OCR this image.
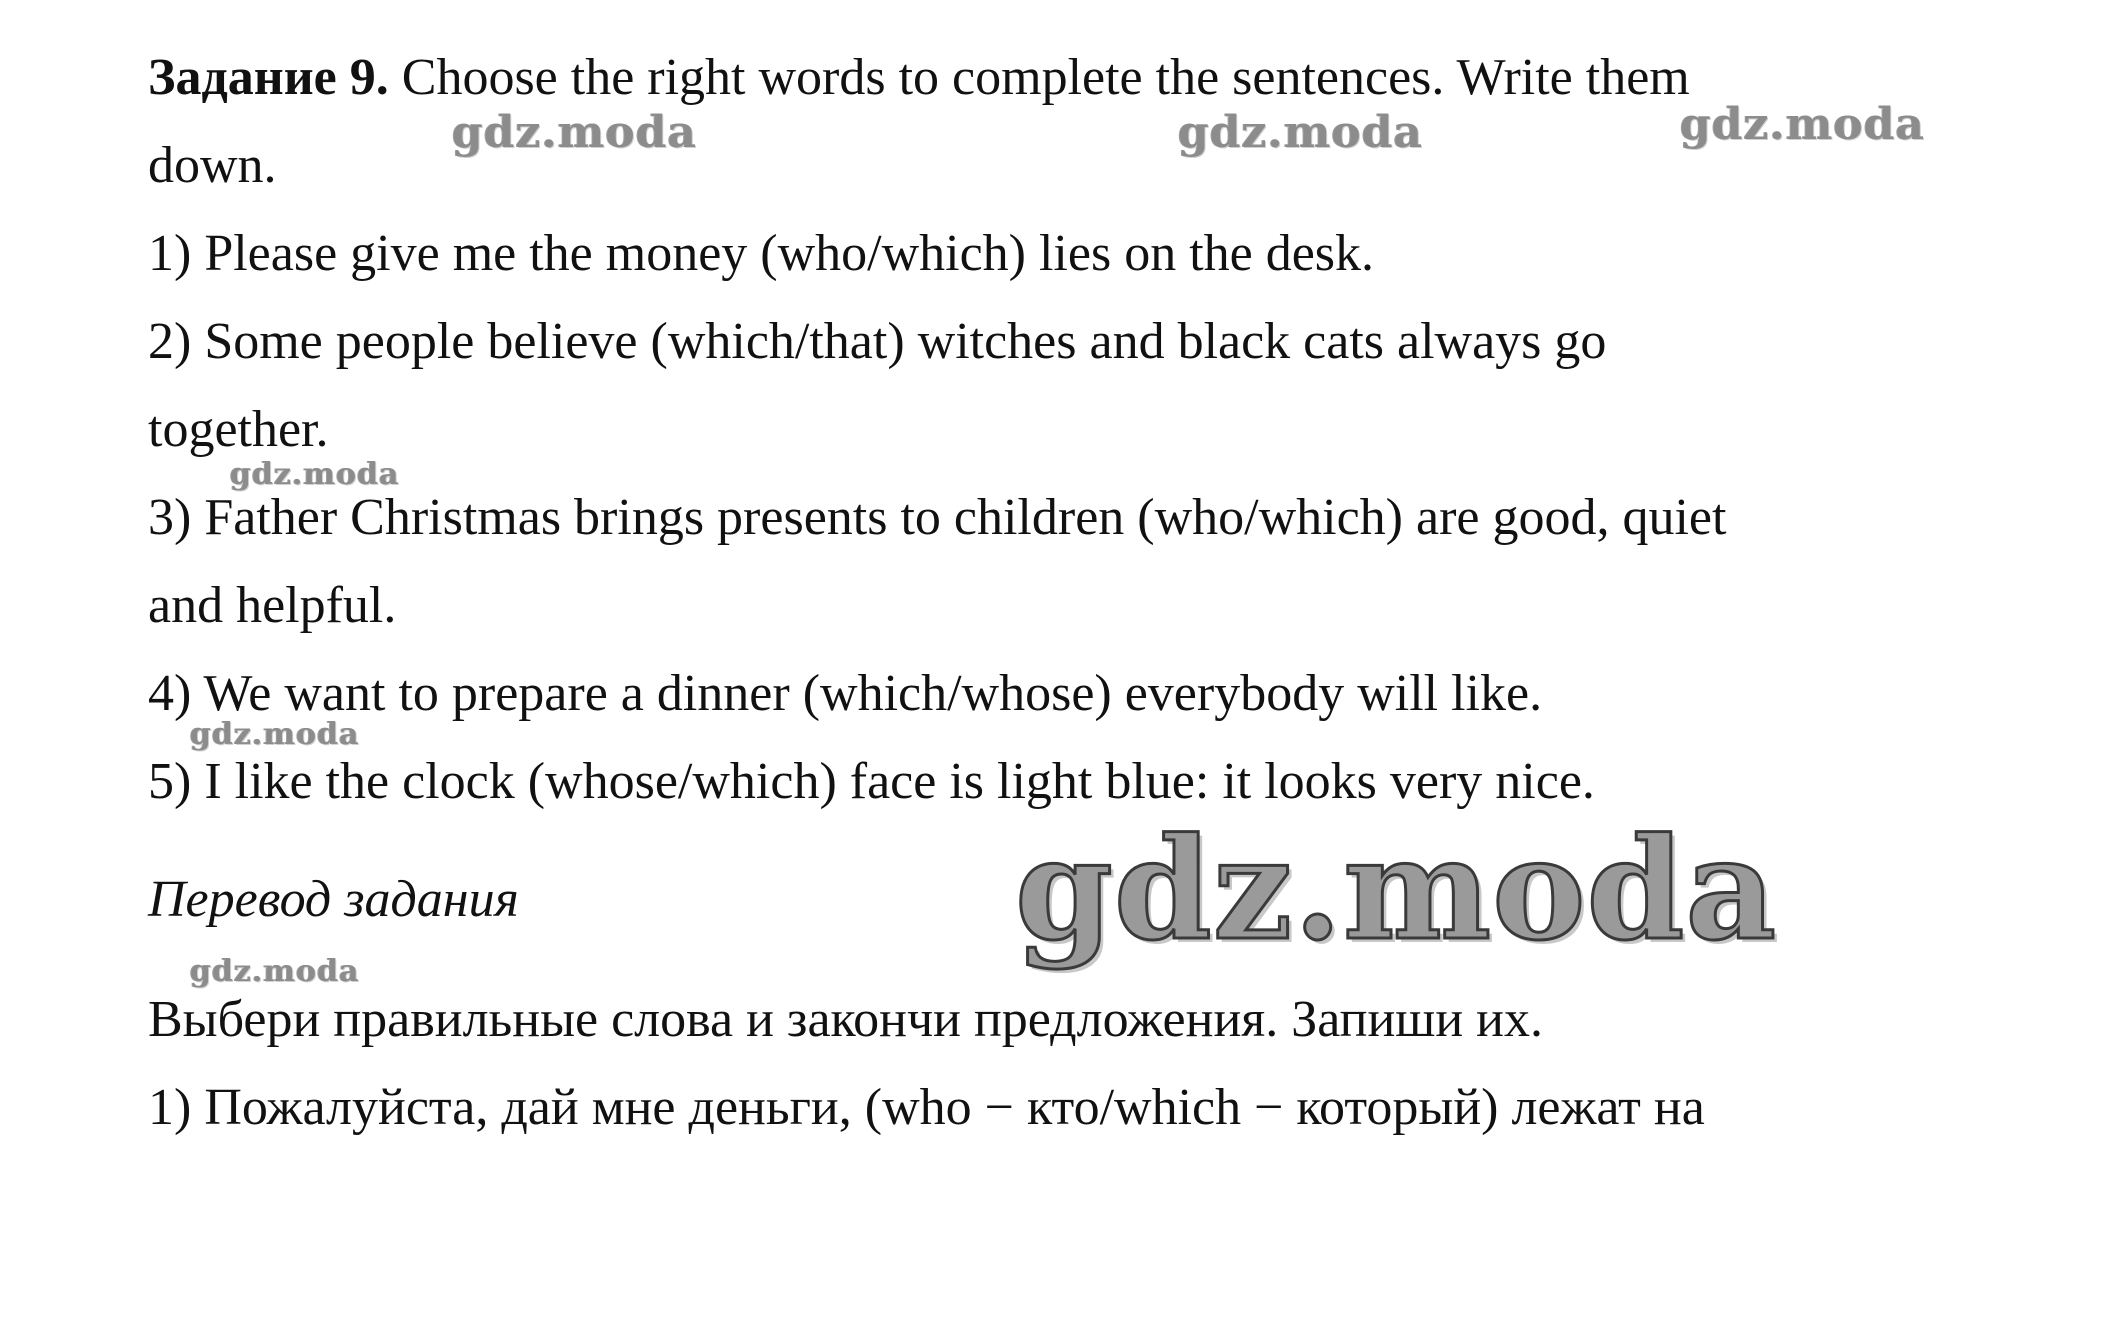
Задание 9. Choose the right words to complete the sentences. Write them
down.
1) Please give me the money (who/which) lies on the desk.
2) Some people believe (which/that) witches and black cats always go
together.
3) Father Christmas brings presents to children (who/which) are good, quiet
and helpful.
4) We want to prepare a dinner (which/whose) everybody will like.
5) I like the clock (whose/which) face is light blue: it looks very nice.
Перевод задания
Выбери правильные слова и закончи предложения. Запиши их.
1) Пожалуйста, дай мне деньги, (who − кто/which − который) лежат на
gdz.moda	gdz.moda	gdz.moda
gdz.moda
gdz.moda
gdz.moda	gdz.moda
